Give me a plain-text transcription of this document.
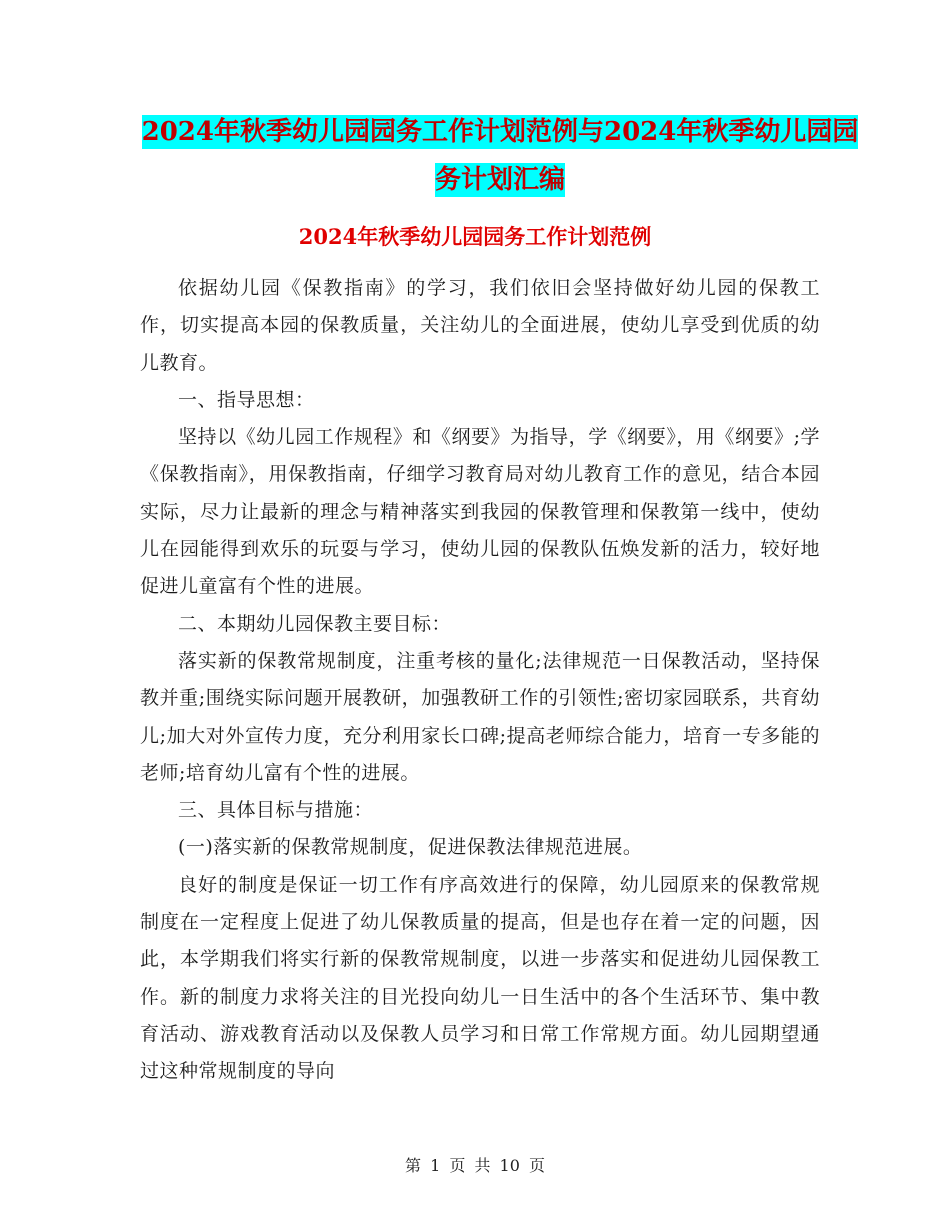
2024年秋季幼儿园园务工作计划范例与2024年秋季幼儿园园务计划汇编
2024年秋季幼儿园园务工作计划范例

依据幼儿园《保教指南》的学习，我们依旧会坚持做好幼儿园的保教工作，切实提高本园的保教质量，关注幼儿的全面进展，使幼儿享受到优质的幼儿教育。

一、指导思想：

坚持以《幼儿园工作规程》和《纲要》为指导，学《纲要》，用《纲要》;学《保教指南》，用保教指南，仔细学习教育局对幼儿教育工作的意见，结合本园实际，尽力让最新的理念与精神落实到我园的保教管理和保教第一线中，使幼儿在园能得到欢乐的玩耍与学习，使幼儿园的保教队伍焕发新的活力，较好地促进儿童富有个性的进展。

二、本期幼儿园保教主要目标：

落实新的保教常规制度，注重考核的量化;法律规范一日保教活动，坚持保教并重;围绕实际问题开展教研，加强教研工作的引领性;密切家园联系，共育幼儿;加大对外宣传力度，充分利用家长口碑;提高老师综合能力，培育一专多能的老师;培育幼儿富有个性的进展。

三、具体目标与措施：

(一)落实新的保教常规制度，促进保教法律规范进展。

良好的制度是保证一切工作有序高效进行的保障，幼儿园原来的保教常规制度在一定程度上促进了幼儿保教质量的提高，但是也存在着一定的问题，因此，本学期我们将实行新的保教常规制度，以进一步落实和促进幼儿园保教工作。新的制度力求将关注的目光投向幼儿一日生活中的各个生活环节、集中教育活动、游戏教育活动以及保教人员学习和日常工作常规方面。幼儿园期望通过这种常规制度的导向

第 1 页 共 10 页
